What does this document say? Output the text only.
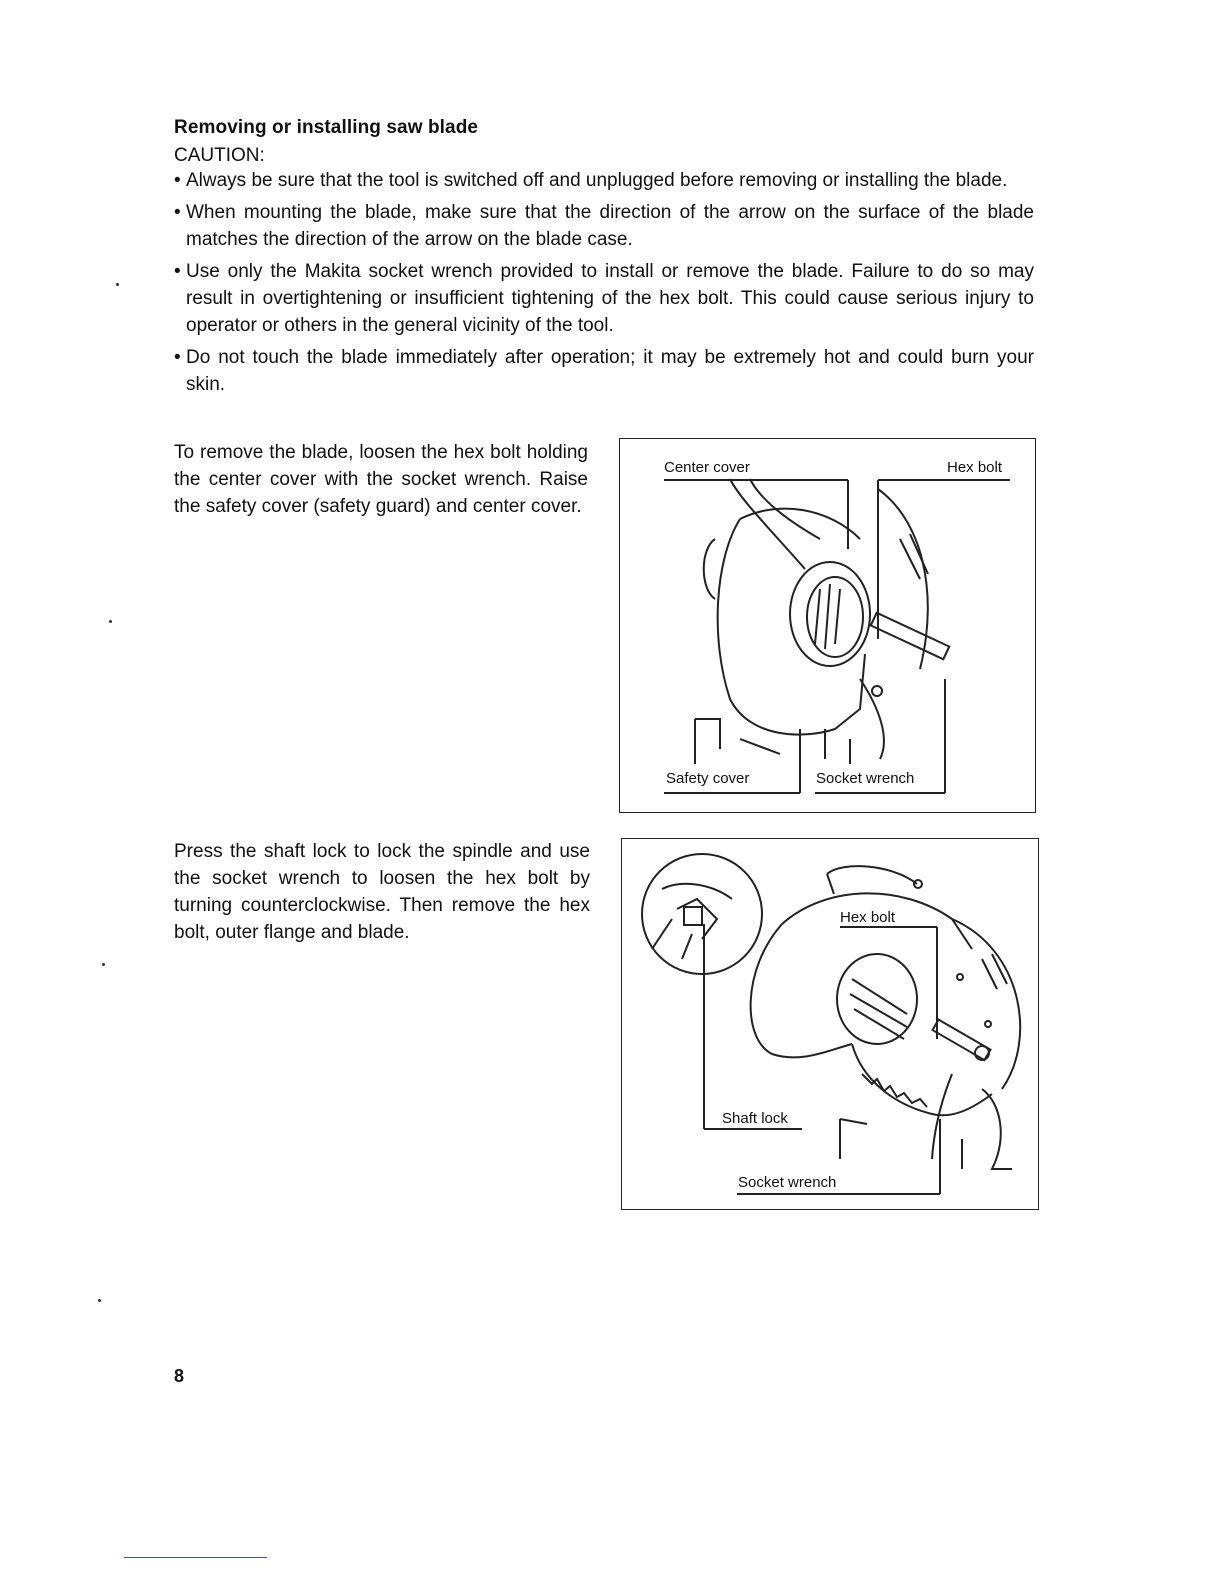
Removing or installing saw blade
CAUTION:
• Always be sure that the tool is switched off and unplugged before removing or installing the blade.
• When mounting the blade, make sure that the direction of the arrow on the surface of the blade matches the direction of the arrow on the blade case.
• Use only the Makita socket wrench provided to install or remove the blade. Failure to do so may result in overtightening or insufficient tightening of the hex bolt. This could cause serious injury to operator or others in the general vicinity of the tool.
• Do not touch the blade immediately after operation; it may be extremely hot and could burn your skin.

To remove the blade, loosen the hex bolt holding the center cover with the socket wrench. Raise the safety cover (safety guard) and center cover.

Press the shaft lock to lock the spindle and use the socket wrench to loosen the hex bolt by turning counterclockwise. Then remove the hex bolt, outer flange and blade.

Center cover	Hex bolt
Safety cover	Socket wrench
Hex bolt
Shaft lock
Socket wrench
8
